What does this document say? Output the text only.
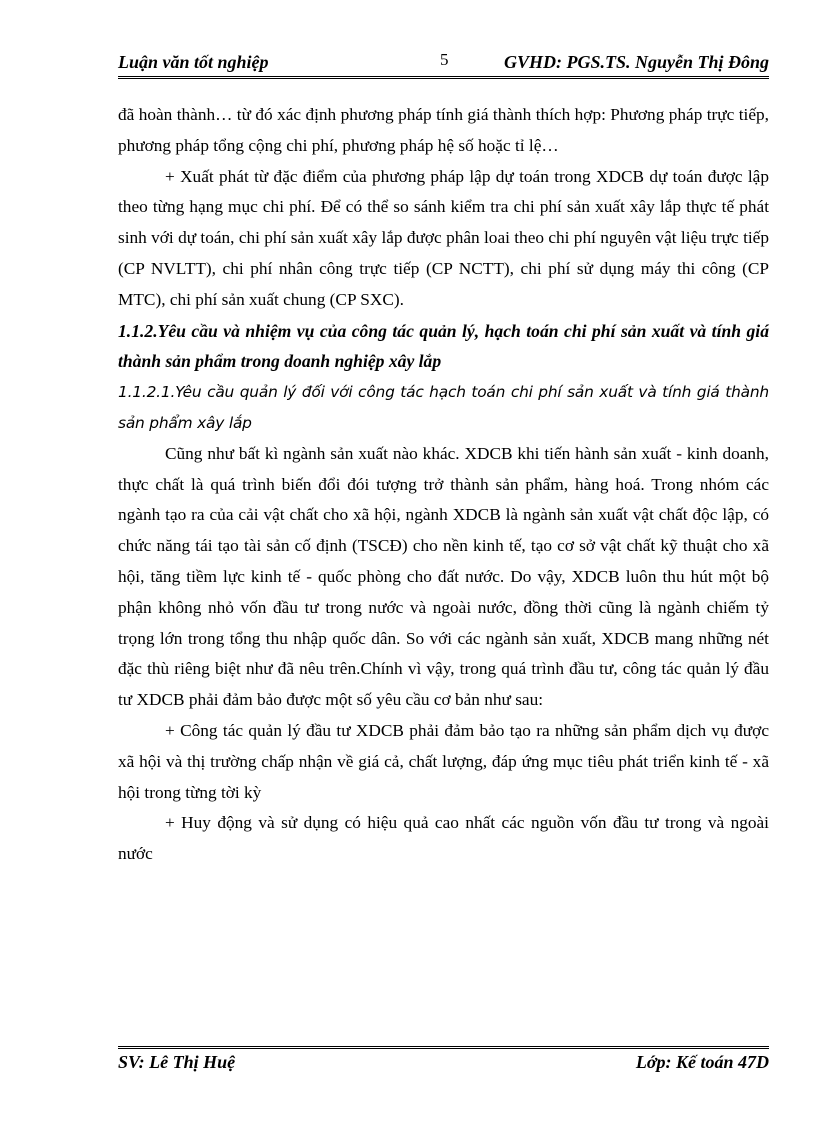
Luận văn tốt nghiệp	5	GVHD: PGS.TS. Nguyễn Thị Đông

đã hoàn thành… từ đó xác định phương pháp tính giá thành thích hợp: Phương pháp trực tiếp, phương pháp tổng cộng chi phí, phương pháp hệ số hoặc tỉ lệ…

+ Xuất phát từ đặc điểm của phương pháp lập dự toán trong XDCB dự toán được lập theo từng hạng mục chi phí. Để có thể so sánh kiểm tra chi phí sản xuất xây lắp thực tế phát sinh với dự toán, chi phí sản xuất xây lắp được phân loai theo chi phí nguyên vật liệu trực tiếp (CP NVLTT), chi phí nhân công trực tiếp (CP NCTT), chi phí sử dụng máy thi công (CP MTC), chi phí sản xuất chung (CP SXC).

1.1.2.Yêu cầu và nhiệm vụ của công tác quản lý, hạch toán chi phí sản xuất và tính giá thành sản phẩm trong doanh nghiệp xây lắp

1.1.2.1.Yêu cầu quản lý đối với công tác hạch toán chi phí sản xuất và tính giá thành sản phẩm xây lắp

Cũng như bất kì ngành sản xuất nào khác. XDCB khi tiến hành sản xuất - kinh doanh, thực chất là quá trình biến đổi đói tượng trở thành sản phẩm, hàng hoá. Trong nhóm các ngành tạo ra của cải vật chất cho xã hội, ngành XDCB là ngành sản xuất vật chất độc lập, có chức năng tái tạo tài sản cố định (TSCĐ) cho nền kinh tế, tạo cơ sở vật chất kỹ thuật cho xã hội, tăng tiềm lực kinh tế - quốc phòng cho đất nước. Do vậy, XDCB luôn thu hút một bộ phận không nhỏ vốn đầu tư trong nước và ngoài nước, đồng thời cũng là ngành chiếm tỷ trọng lớn trong tổng thu nhập quốc dân. So với các ngành sản xuất, XDCB mang những nét đặc thù riêng biệt như đã nêu trên.Chính vì vậy, trong quá trình đầu tư, công tác quản lý đầu tư XDCB phải đảm bảo được một số yêu cầu cơ bản như sau:

+ Công tác quản lý đầu tư XDCB phải đảm bảo tạo ra những sản phẩm dịch vụ được xã hội và thị trường chấp nhận về giá cả, chất lượng, đáp ứng mục tiêu phát triển kinh tế - xã hội trong từng tời kỳ

+ Huy động và sử dụng có hiệu quả cao nhất các nguồn vốn đầu tư trong và ngoài nước

SV: Lê Thị Huệ	Lớp: Kế toán 47D
